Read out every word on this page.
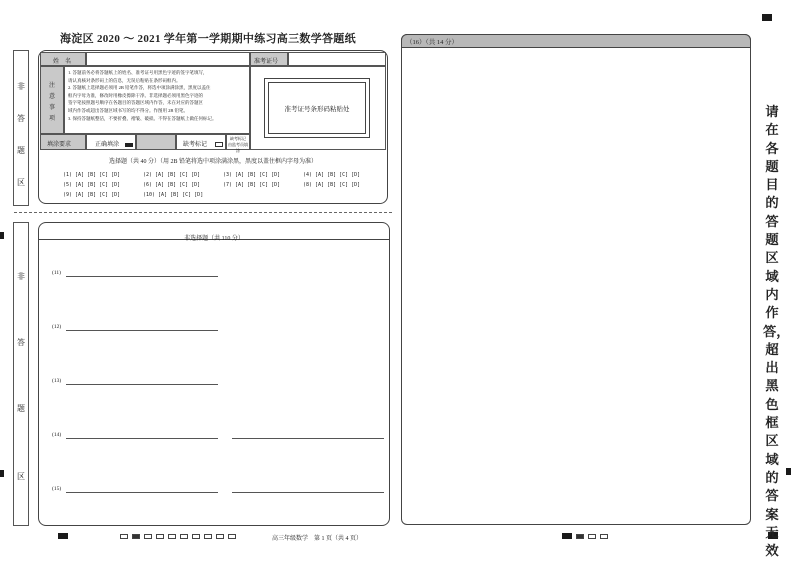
海淀区 2020 ～ 2021 学年第一学期期中练习高三数学答题纸
非
答
题
区
非
答
题
区
姓　名	准考证号
注
意
事
项

1. 答题前务必将答题纸上的姓名、准考证号用黑色字迹的签字笔填写，

请认真核对条形码上的信息，无误后粘贴在条形码框内。

2. 答题纸上选择题必须用 2B 铅笔作答，将选中项涂满涂黑，黑度以盖住

框内字母为准，修改时用橡皮擦除干净。非选择题必须用黑色字迹的

签字笔按照题号顺序在各题目的答题区域内作答，未在对应的答题区

域内作答或超出答题区域书写的均不得分。作图用 2B 铅笔。

3. 保持答题纸整洁，不要折叠、褶皱、破损。不得在答题纸上做任何标记。

准考证号条形码粘贴处
填涂要求	正确填涂	缺考标记
缺考标记
由监考员填涂
选择题（共 40 分）（用 2B 铅笔将选中项涂满涂黑，黑度以盖住框内字母为准）
(1) [A] [B] [C] [D]	(2) [A] [B] [C] [D]	(3) [A] [B] [C] [D]	(4) [A] [B] [C] [D]
(5) [A] [B] [C] [D]	(6) [A] [B] [C] [D]	(7) [A] [B] [C] [D]	(8) [A] [B] [C] [D]
(9) [A] [B] [C] [D]	(10) [A] [B] [C] [D]
非选择题（共 110 分）
(11)
(12)
(13)
(14)
(15)
（16）（共 14 分）
请在各题目的答题区域内作答，超出黑色框区域的答案无效
高三年级数学　第 1 页（共 4 页）
